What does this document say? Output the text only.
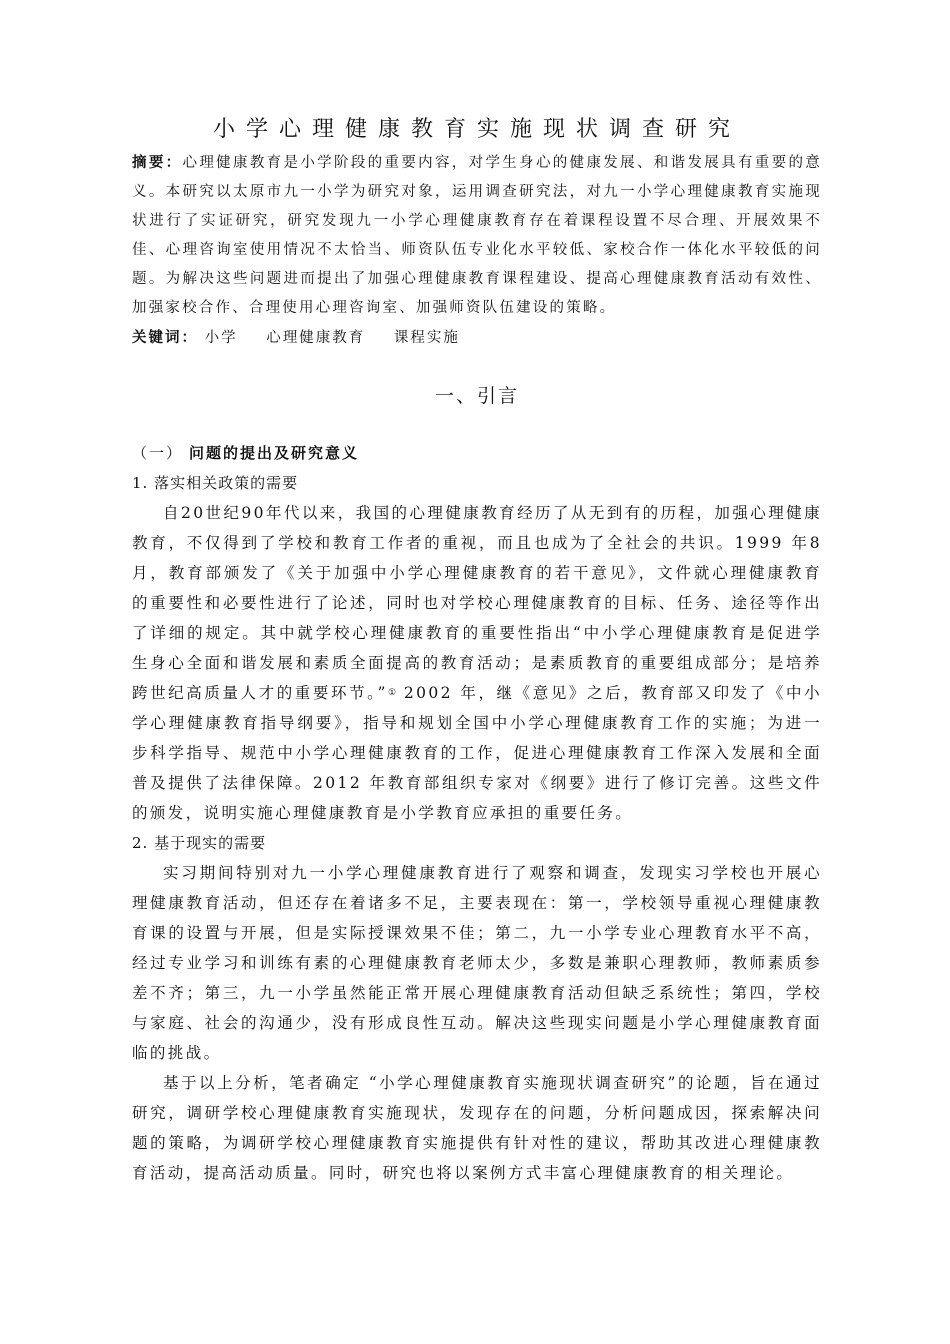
小学心理健康教育实施现状调查研究
摘要：心理健康教育是小学阶段的重要内容，对学生身心的健康发展、和谐发展具有重要的意义。本研究以太原市九一小学为研究对象，运用调查研究法，对九一小学心理健康教育实施现状进行了实证研究，研究发现九一小学心理健康教育存在着课程设置不尽合理、开展效果不佳、心理咨询室使用情况不太恰当、师资队伍专业化水平较低、家校合作一体化水平较低的问题。为解决这些问题进而提出了加强心理健康教育课程建设、提高心理健康教育活动有效性、加强家校合作、合理使用心理咨询室、加强师资队伍建设的策略。
关键词： 小学 心理健康教育 课程实施
一、引言
（一） 问题的提出及研究意义
1. 落实相关政策的需要

自20世纪90年代以来，我国的心理健康教育经历了从无到有的历程，加强心理健康教育，不仅得到了学校和教育工作者的重视，而且也成为了全社会的共识。1999 年8 月，教育部颁发了《关于加强中小学心理健康教育的若干意见》，文件就心理健康教育的重要性和必要性进行了论述，同时也对学校心理健康教育的目标、任务、途径等作出了详细的规定。其中就学校心理健康教育的重要性指出“中小学心理健康教育是促进学生身心全面和谐发展和素质全面提高的教育活动；是素质教育的重要组成部分；是培养跨世纪高质量人才的重要环节。”① 2002 年，继《意见》之后，教育部又印发了《中小学心理健康教育指导纲要》，指导和规划全国中小学心理健康教育工作的实施；为进一步科学指导、规范中小学心理健康教育的工作，促进心理健康教育工作深入发展和全面普及提供了法律保障。2012 年教育部组织专家对《纲要》进行了修订完善。这些文件的颁发，说明实施心理健康教育是小学教育应承担的重要任务。

2. 基于现实的需要

实习期间特别对九一小学心理健康教育进行了观察和调查，发现实习学校也开展心理健康教育活动，但还存在着诸多不足，主要表现在：第一，学校领导重视心理健康教育课的设置与开展，但是实际授课效果不佳；第二，九一小学专业心理教育水平不高，经过专业学习和训练有素的心理健康教育老师太少，多数是兼职心理教师，教师素质参差不齐；第三，九一小学虽然能正常开展心理健康教育活动但缺乏系统性；第四，学校与家庭、社会的沟通少，没有形成良性互动。解决这些现实问题是小学心理健康教育面临的挑战。

基于以上分析，笔者确定 “小学心理健康教育实施现状调查研究”的论题，旨在通过研究，调研学校心理健康教育实施现状，发现存在的问题，分析问题成因，探索解决问题的策略，为调研学校心理健康教育实施提供有针对性的建议，帮助其改进心理健康教育活动，提高活动质量。同时，研究也将以案例方式丰富心理健康教育的相关理论。
